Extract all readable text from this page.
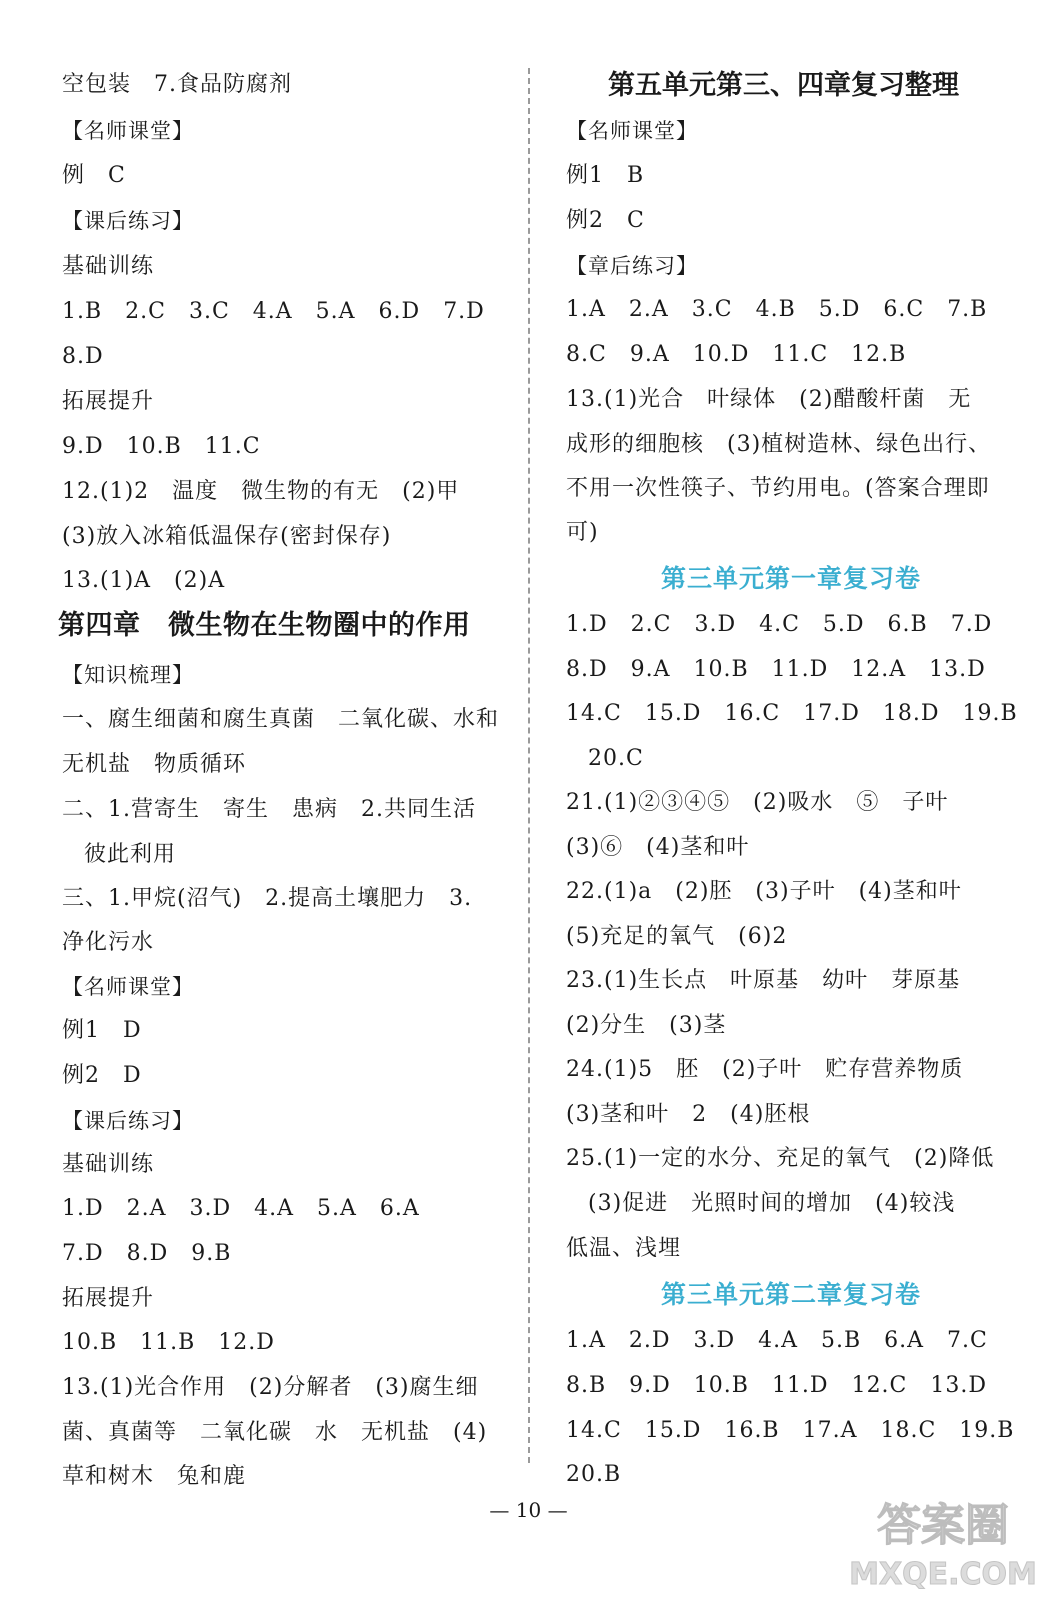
空包装　7.食品防腐剂
【名师课堂】
例　C
【课后练习】
基础训练
1.B　2.C　3.C　4.A　5.A　6.D　7.D
8.D
拓展提升
9.D　10.B　11.C
12.(1)2　温度　微生物的有无　(2)甲
(3)放入冰箱低温保存(密封保存)
13.(1)A　(2)A
第四章　微生物在生物圈中的作用
【知识梳理】
一、腐生细菌和腐生真菌　二氧化碳、水和
无机盐　物质循环
二、1.营寄生　寄生　患病　2.共同生活
彼此利用
三、1.甲烷(沼气)　2.提高土壤肥力　3.
净化污水
【名师课堂】
例1　D
例2　D
【课后练习】
基础训练
1.D　2.A　3.D　4.A　5.A　6.A
7.D　8.D　9.B
拓展提升
10.B　11.B　12.D
13.(1)光合作用　(2)分解者　(3)腐生细
菌、真菌等　二氧化碳　水　无机盐　(4)
草和树木　兔和鹿
第五单元第三、四章复习整理
【名师课堂】
例1　B
例2　C
【章后练习】
1.A　2.A　3.C　4.B　5.D　6.C　7.B
8.C　9.A　10.D　11.C　12.B
13.(1)光合　叶绿体　(2)醋酸杆菌　无
成形的细胞核　(3)植树造林、绿色出行、
不用一次性筷子、节约用电。(答案合理即
可)
第三单元第一章复习卷
1.D　2.C　3.D　4.C　5.D　6.B　7.D
8.D　9.A　10.B　11.D　12.A　13.D
14.C　15.D　16.C　17.D　18.D　19.B
20.C
21.(1)②③④⑤　(2)吸水　⑤　子叶
(3)⑥　(4)茎和叶
22.(1)a　(2)胚　(3)子叶　(4)茎和叶
(5)充足的氧气　(6)2
23.(1)生长点　叶原基　幼叶　芽原基
(2)分生　(3)茎
24.(1)5　胚　(2)子叶　贮存营养物质
(3)茎和叶　2　(4)胚根
25.(1)一定的水分、充足的氧气　(2)降低
(3)促进　光照时间的增加　(4)较浅
低温、浅埋
第三单元第二章复习卷
1.A　2.D　3.D　4.A　5.B　6.A　7.C
8.B　9.D　10.B　11.D　12.C　13.D
14.C　15.D　16.B　17.A　18.C　19.B
20.B
— 10 —	答案圈
MXQE.COM
